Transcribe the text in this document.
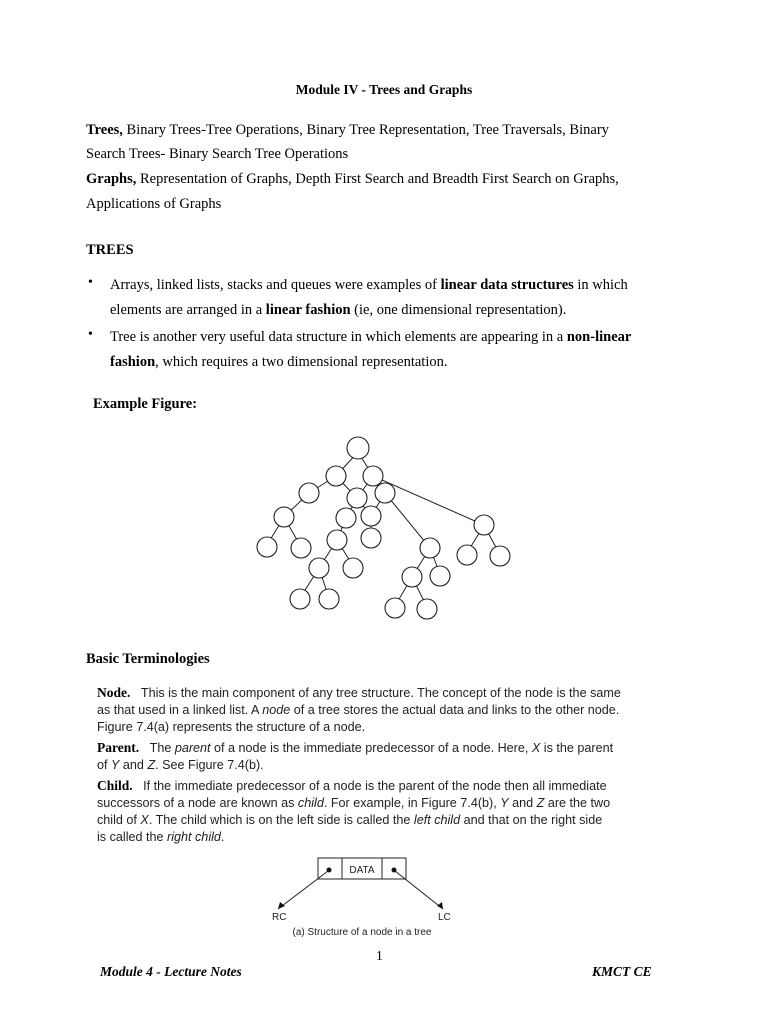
Module IV - Trees and Graphs
Trees, Binary Trees-Tree Operations, Binary Tree Representation, Tree Traversals, Binary
Search Trees- Binary Search Tree Operations
Graphs, Representation of Graphs, Depth First Search and Breadth First Search on Graphs,
Applications of Graphs
TREES
• Arrays, linked lists, stacks and queues were examples of linear data structures in which
elements are arranged in a linear fashion (ie, one dimensional representation).
• Tree is another very useful data structure in which elements are appearing in a non-linear
fashion, which requires a two dimensional representation.
Example Figure:
Basic Terminologies
Node. This is the main component of any tree structure. The concept of the node is the same
as that used in a linked list. A node of a tree stores the actual data and links to the other node.
Figure 7.4(a) represents the structure of a node.
Parent. The parent of a node is the immediate predecessor of a node. Here, X is the parent
of Y and Z. See Figure 7.4(b).
Child. If the immediate predecessor of a node is the parent of the node then all immediate
successors of a node are known as child. For example, in Figure 7.4(b), Y and Z are the two
child of X. The child which is on the left side is called the left child and that on the right side
is called the right child.
DATA
RC	LC
(a) Structure of a node in a tree
1
Module 4 - Lecture Notes	KMCT CE
